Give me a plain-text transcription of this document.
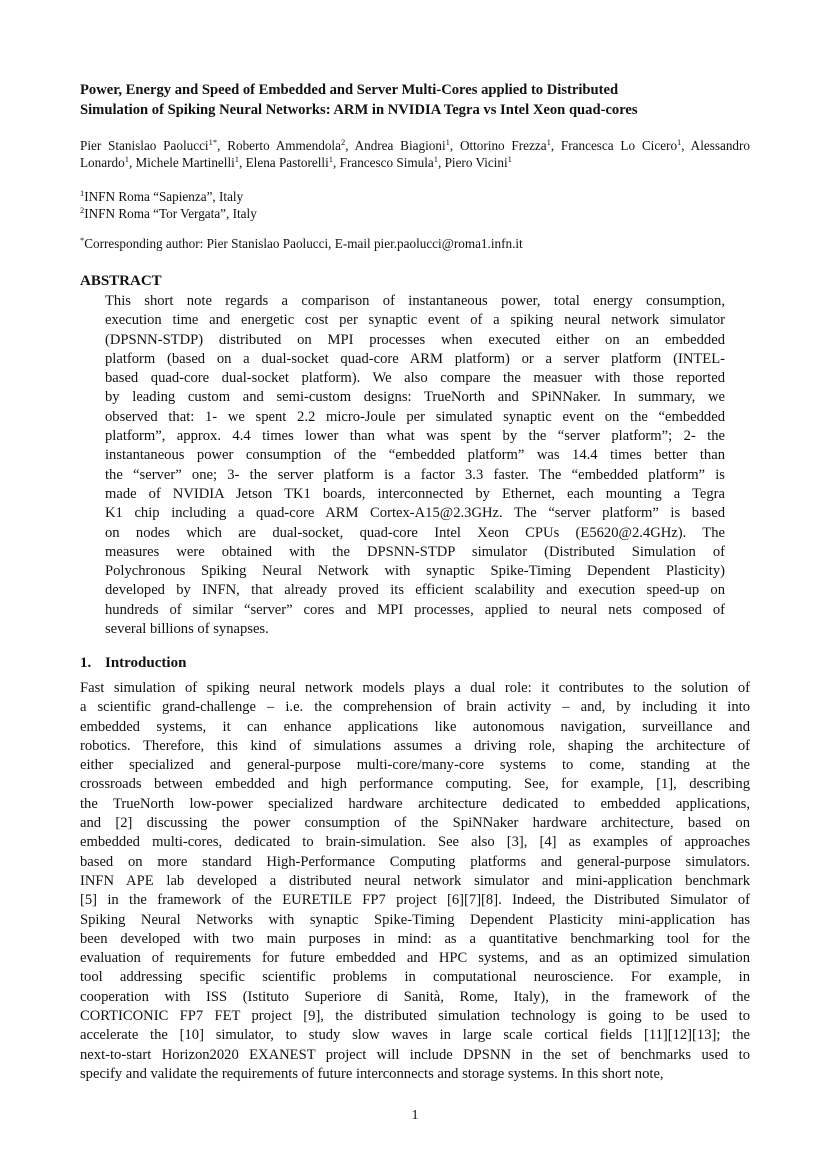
Power, Energy and Speed of Embedded and Server Multi-Cores applied to Distributed
Simulation of Spiking Neural Networks: ARM in NVIDIA Tegra vs Intel Xeon quad-cores
Pier Stanislao Paolucci$^{1*}$, Roberto Ammendola$^2$, Andrea Biagioni$^1$, Ottorino Frezza$^1$, Francesca Lo Cicero$^1$, Alessandro Lonardo$^1$, Michele Martinelli$^1$, Elena Pastorelli$^1$, Francesco Simula$^1$, Piero Vicini$^1$
$^1$INFN Roma “Sapienza”, Italy
$^2$INFN Roma “Tor Vergata”, Italy
*Corresponding author: Pier Stanislao Paolucci, E-mail pier.paolucci@roma1.infn.it
ABSTRACT
This short note regards a comparison of instantaneous power, total energy consumption,
execution time and energetic cost per synaptic event of a spiking neural network simulator
(DPSNN-STDP) distributed on MPI processes when executed either on an embedded
platform (based on a dual-socket quad-core ARM platform) or a server platform (INTEL-
based quad-core dual-socket platform). We also compare the measuer with those reported
by leading custom and semi-custom designs: TrueNorth and SPiNNaker. In summary, we
observed that: 1- we spent 2.2 micro-Joule per simulated synaptic event on the “embedded
platform”, approx. 4.4 times lower than what was spent by the “server platform”; 2- the
instantaneous power consumption of the “embedded platform” was 14.4 times better than
the “server” one; 3- the server platform is a factor 3.3 faster. The “embedded platform” is
made of NVIDIA Jetson TK1 boards, interconnected by Ethernet, each mounting a Tegra
K1 chip including a quad-core ARM Cortex-A15@2.3GHz. The “server platform” is based
on nodes which are dual-socket, quad-core Intel Xeon CPUs (E5620@2.4GHz). The
measures were obtained with the DPSNN-STDP simulator (Distributed Simulation of
Polychronous Spiking Neural Network with synaptic Spike-Timing Dependent Plasticity)
developed by INFN, that already proved its efficient scalability and execution speed-up on
hundreds of similar “server” cores and MPI processes, applied to neural nets composed of
several billions of synapses.
1. Introduction
Fast simulation of spiking neural network models plays a dual role: it contributes to the solution of
a scientific grand-challenge – i.e. the comprehension of brain activity – and, by including it into
embedded systems, it can enhance applications like autonomous navigation, surveillance and
robotics. Therefore, this kind of simulations assumes a driving role, shaping the architecture of
either specialized and general-purpose multi-core/many-core systems to come, standing at the
crossroads between embedded and high performance computing. See, for example, [1], describing
the TrueNorth low-power specialized hardware architecture dedicated to embedded applications,
and [2] discussing the power consumption of the SpiNNaker hardware architecture, based on
embedded multi-cores, dedicated to brain-simulation. See also [3], [4] as examples of approaches
based on more standard High-Performance Computing platforms and general-purpose simulators.
INFN APE lab developed a distributed neural network simulator and mini-application benchmark
[5] in the framework of the EURETILE FP7 project [6][7][8]. Indeed, the Distributed Simulator of
Spiking Neural Networks with synaptic Spike-Timing Dependent Plasticity mini-application has
been developed with two main purposes in mind: as a quantitative benchmarking tool for the
evaluation of requirements for future embedded and HPC systems, and as an optimized simulation
tool addressing specific scientific problems in computational neuroscience. For example, in
cooperation with ISS (Istituto Superiore di Sanità, Rome, Italy), in the framework of the
CORTICONIC FP7 FET project [9], the distributed simulation technology is going to be used to
accelerate the [10] simulator, to study slow waves in large scale cortical fields [11][12][13]; the
next-to-start Horizon2020 EXANEST project will include DPSNN in the set of benchmarks used to
specify and validate the requirements of future interconnects and storage systems. In this short note,
1
